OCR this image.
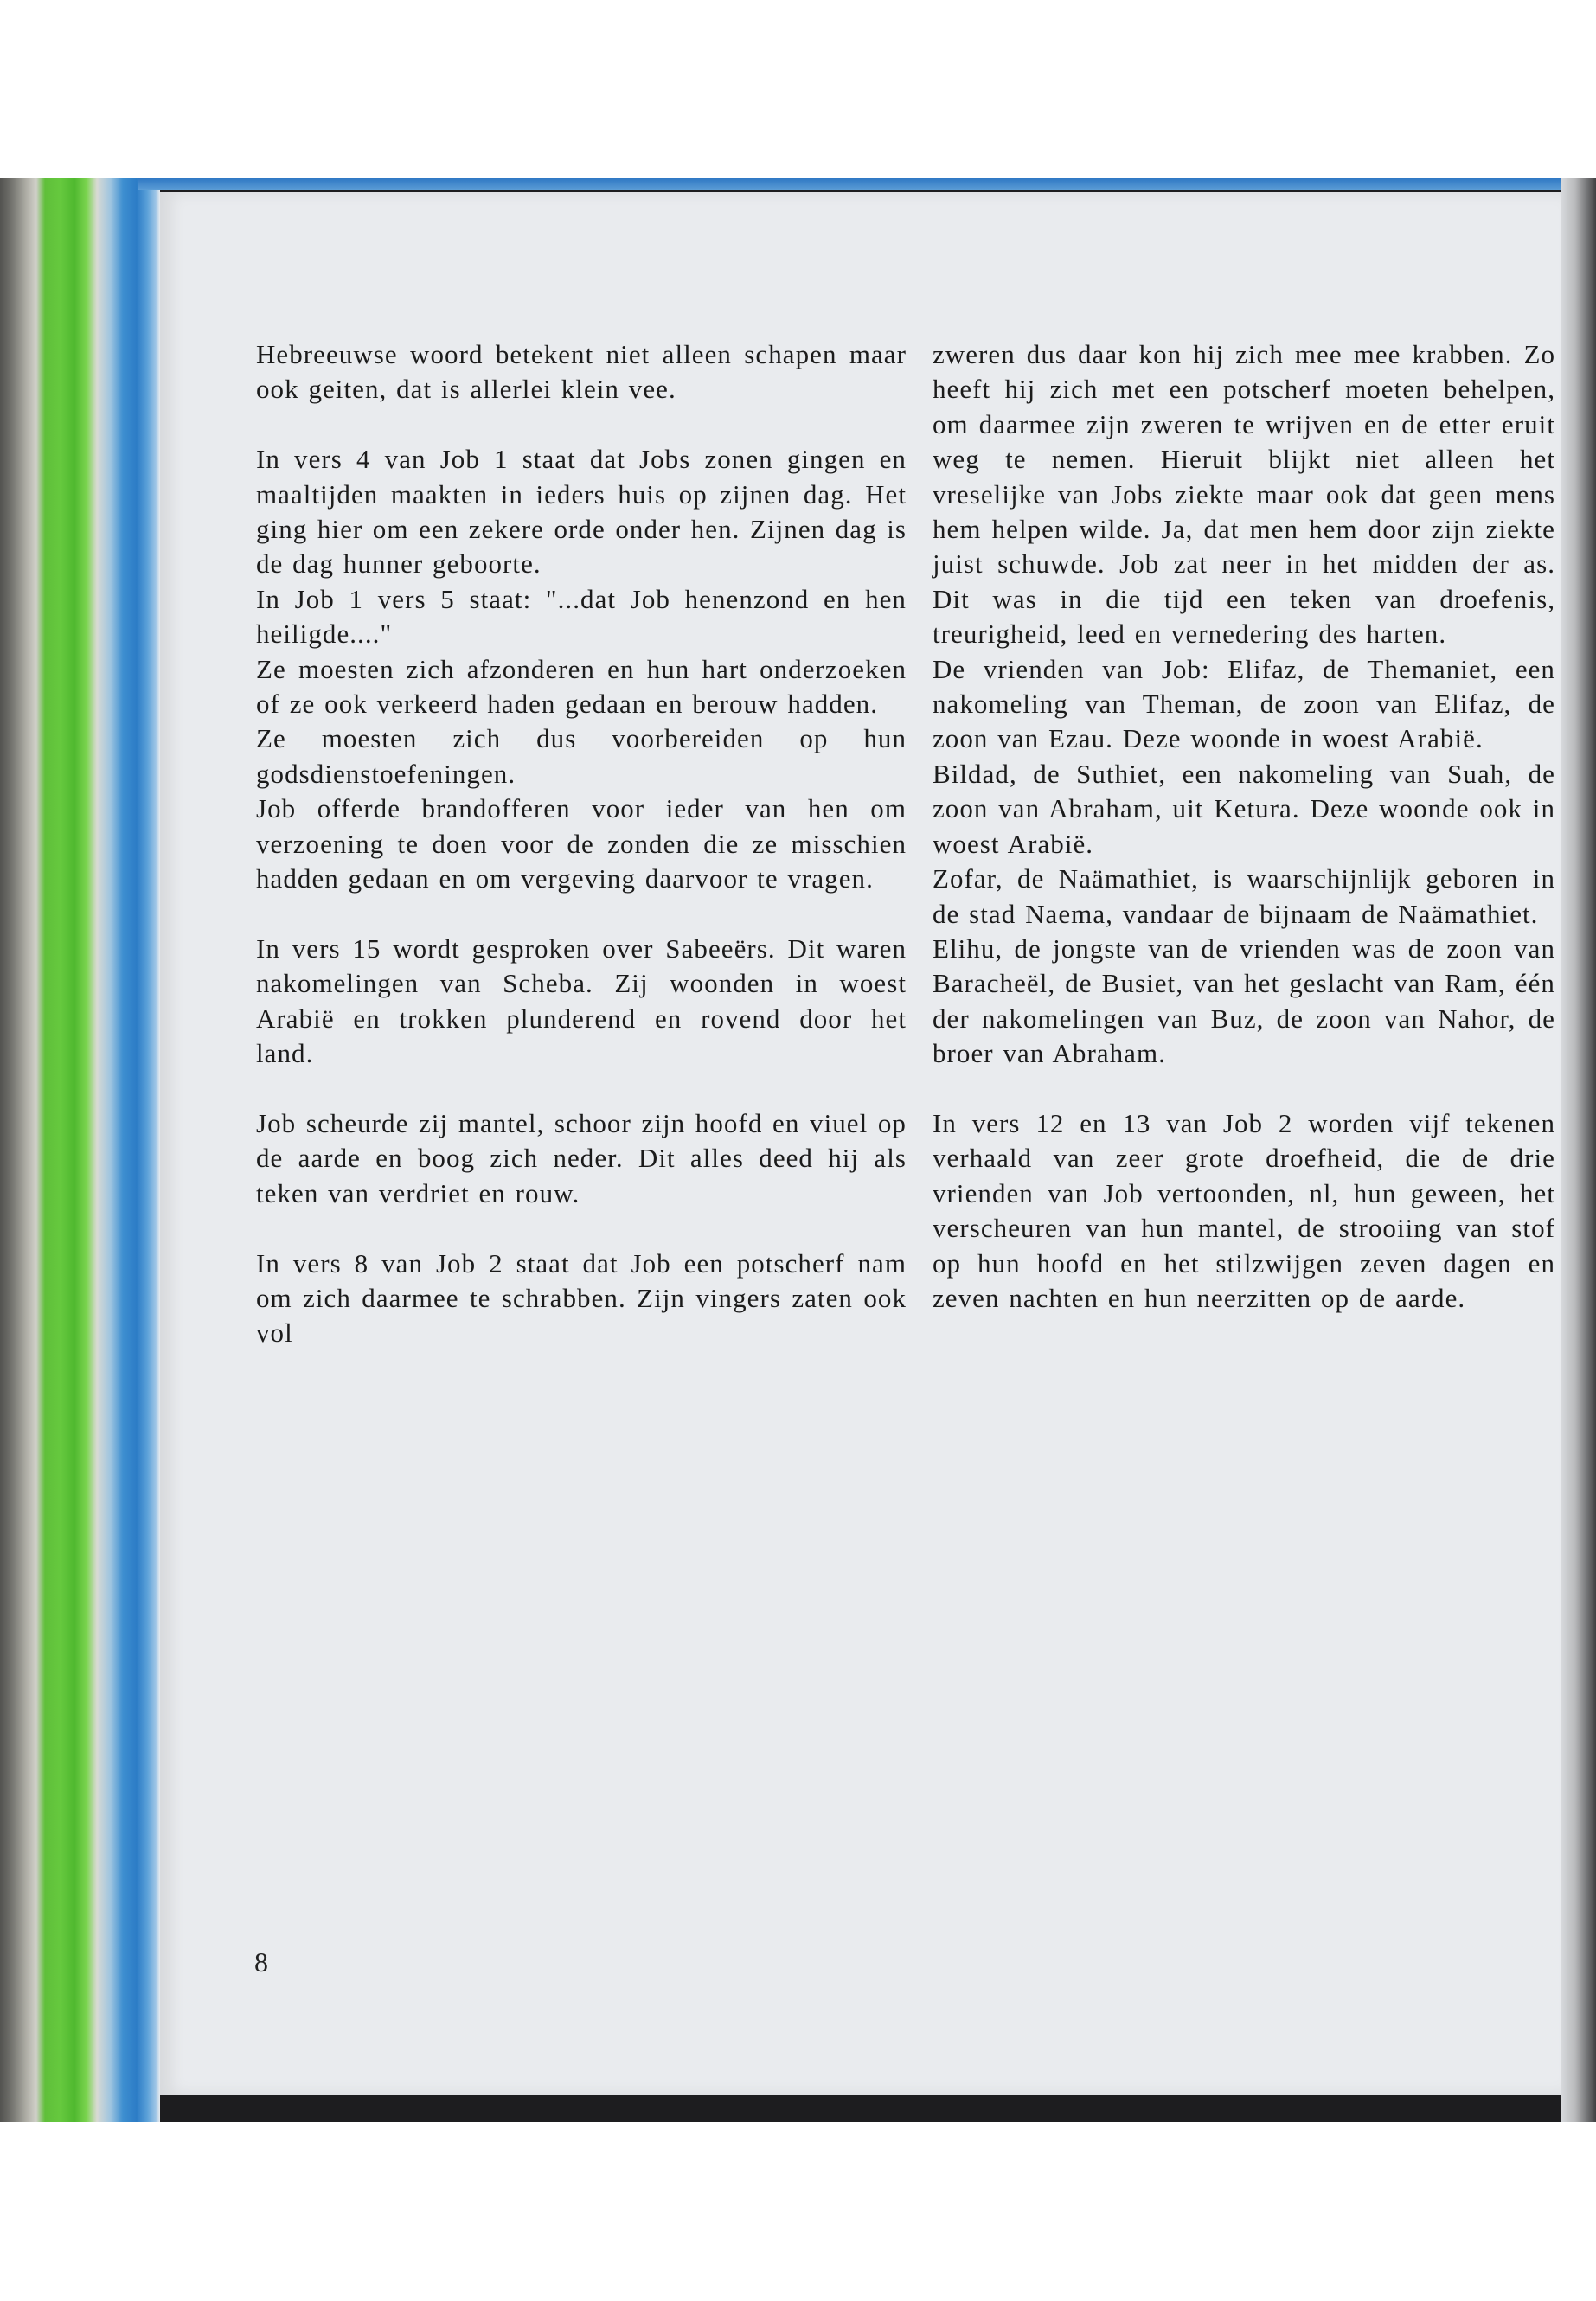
Hebreeuwse woord betekent niet alleen schapen maar ook geiten, dat is allerlei klein vee.

In vers 4 van Job 1 staat dat Jobs zonen gingen en maaltijden maakten in ieders huis op zijnen dag. Het ging hier om een zekere orde onder hen. Zijnen dag is de dag hunner geboorte.

In Job 1 vers 5 staat: "...dat Job henenzond en hen heiligde...."

Ze moesten zich afzonderen en hun hart onderzoeken of ze ook verkeerd haden gedaan en berouw hadden.

Ze moesten zich dus voorbereiden op hun godsdienstoefeningen.

Job offerde brandofferen voor ieder van hen om verzoening te doen voor de zonden die ze misschien hadden gedaan en om vergeving daarvoor te vragen.

In vers 15 wordt gesproken over Sabeeërs. Dit waren nakomelingen van Scheba. Zij woonden in woest Arabië en trokken plunderend en rovend door het land.

Job scheurde zij mantel, schoor zijn hoofd en viuel op de aarde en boog zich neder. Dit alles deed hij als teken van verdriet en rouw.

In vers 8 van Job 2 staat dat Job een potscherf nam om zich daarmee te schrabben. Zijn vingers zaten ook vol

zweren dus daar kon hij zich mee mee krabben. Zo heeft hij zich met een potscherf moeten behelpen, om daarmee zijn zweren te wrijven en de etter eruit weg te nemen. Hieruit blijkt niet alleen het vreselijke van Jobs ziekte maar ook dat geen mens hem helpen wilde. Ja, dat men hem door zijn ziekte juist schuwde. Job zat neer in het midden der as. Dit was in die tijd een teken van droefenis, treurigheid, leed en vernedering des harten.

De vrienden van Job: Elifaz, de Themaniet, een nakomeling van Theman, de zoon van Elifaz, de zoon van Ezau. Deze woonde in woest Arabië.

Bildad, de Suthiet, een nakomeling van Suah, de zoon van Abraham, uit Ketura. Deze woonde ook in woest Arabië.

Zofar, de Naämathiet, is waarschijnlijk geboren in de stad Naema, vandaar de bijnaam de Naämathiet.

Elihu, de jongste van de vrienden was de zoon van Baracheël, de Busiet, van het geslacht van Ram, één der nakomelingen van Buz, de zoon van Nahor, de broer van Abraham.

In vers 12 en 13 van Job 2 worden vijf tekenen verhaald van zeer grote droefheid, die de drie vrienden van Job vertoonden, nl, hun geween, het verscheuren van hun mantel, de strooiing van stof op hun hoofd en het stilzwijgen zeven dagen en zeven nachten en hun neerzitten op de aarde.

8
